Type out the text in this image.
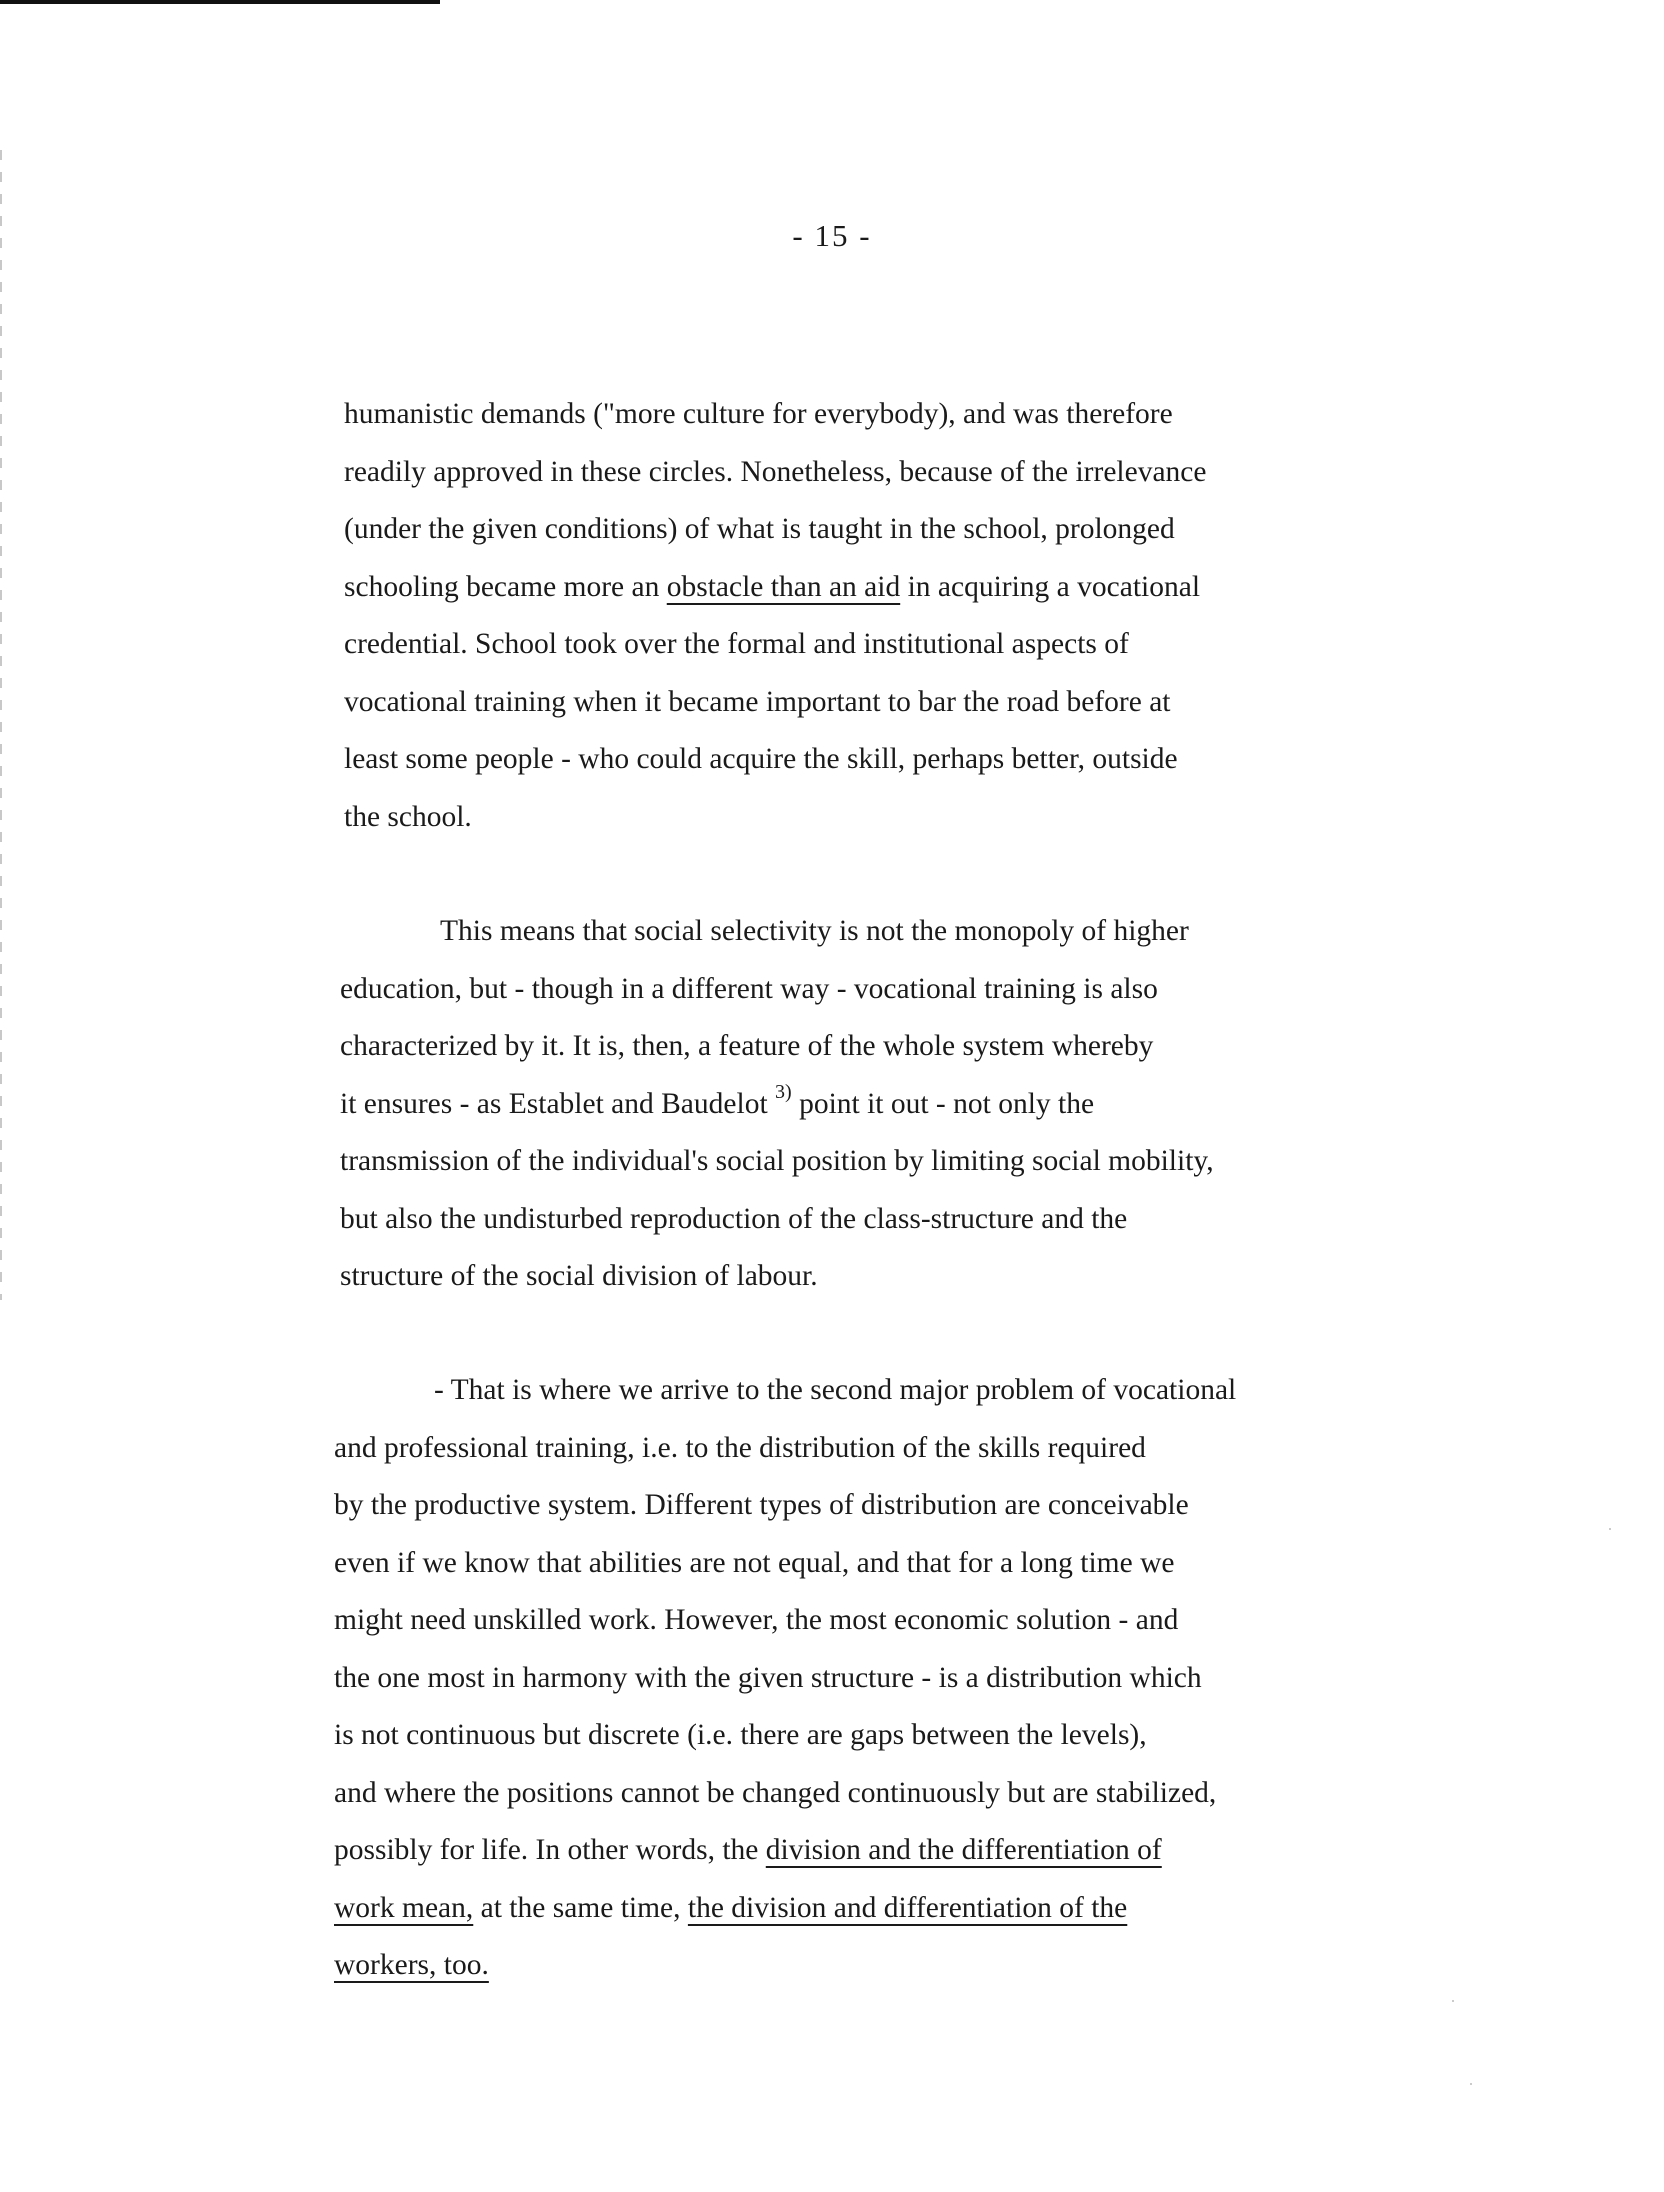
- 15 -
humanistic demands ("more culture for everybody), and was therefore
readily approved in these circles. Nonetheless, because of the irrelevance
(under the given conditions) of what is taught in the school, prolonged
schooling became more an obstacle than an aid in acquiring a vocational
credential. School took over the formal and institutional aspects of
vocational training when it became important to bar the road before at
least some people - who could acquire the skill, perhaps better, outside
the school.
This means that social selectivity is not the monopoly of higher
education, but - though in a different way - vocational training is also
characterized by it. It is, then, a feature of the whole system whereby
it ensures - as Establet and Baudelot $^{3)}$ point it out - not only the
transmission of the individual's social position by limiting social mobility,
but also the undisturbed reproduction of the class-structure and the
structure of the social division of labour.
- That is where we arrive to the second major problem of vocational
and professional training, i.e. to the distribution of the skills required
by the productive system. Different types of distribution are conceivable
even if we know that abilities are not equal, and that for a long time we
might need unskilled work. However, the most economic solution - and
the one most in harmony with the given structure - is a distribution which
is not continuous but discrete (i.e. there are gaps between the levels),
and where the positions cannot be changed continuously but are stabilized,
possibly for life. In other words, the division and the differentiation of
work mean, at the same time, the division and differentiation of the
workers, too.
